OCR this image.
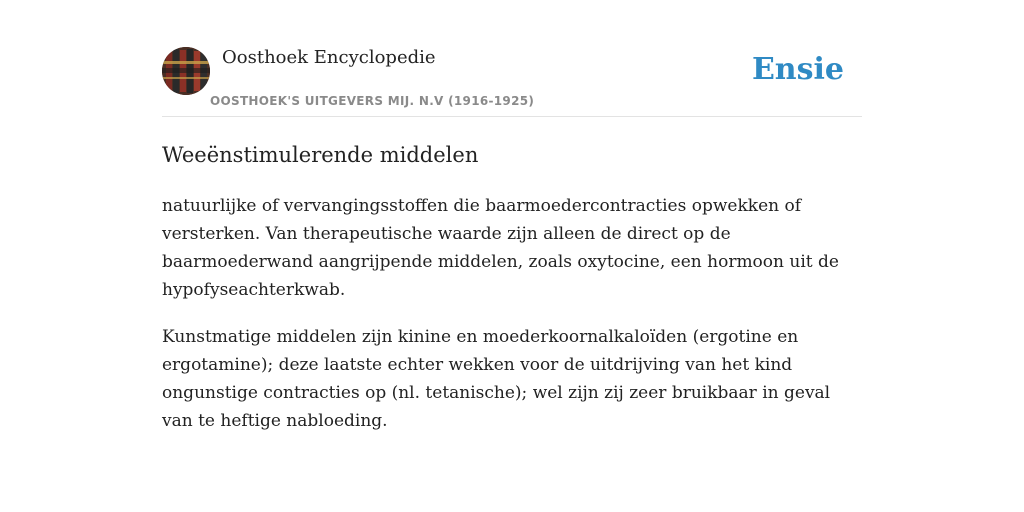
Oosthoek Encyclopedie
OOSTHOEK'S UITGEVERS MIJ. N.V (1916-1925)
Ensie
Weeënstimulerende middelen

natuurlijke of vervangingsstoffen die baarmoedercontracties opwekken of versterken. Van therapeutische waarde zijn alleen de direct op de baarmoederwand aangrijpende middelen, zoals oxytocine, een hormoon uit de hypofyseachterkwab.

Kunstmatige middelen zijn kinine en moederkoornalkaloïden (ergotine en ergotamine); deze laatste echter wekken voor de uitdrijving van het kind ongunstige contracties op (nl. tetanische); wel zijn zij zeer bruikbaar in geval van te heftige nabloeding.
